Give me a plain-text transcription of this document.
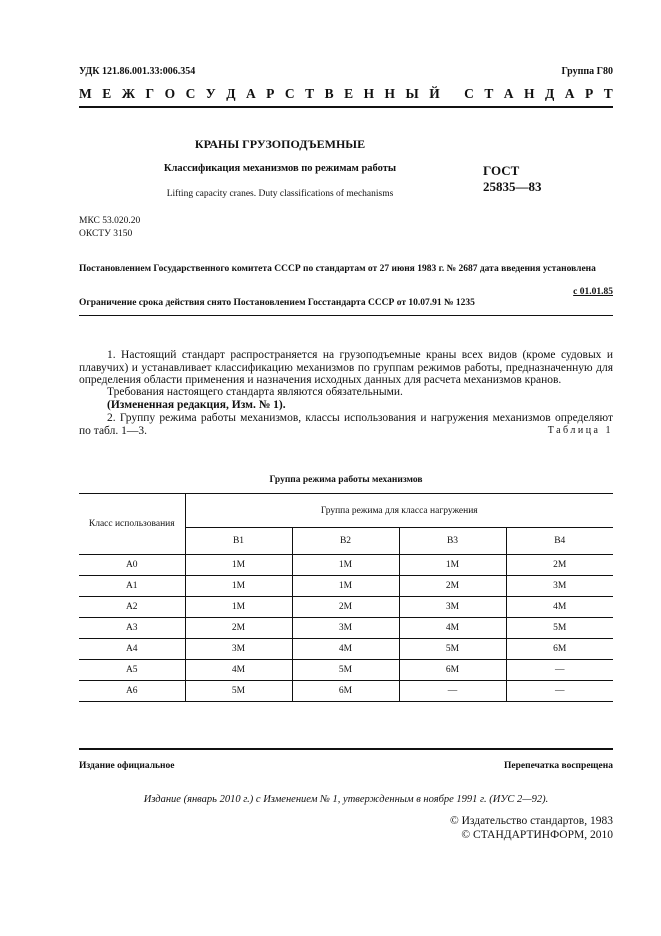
УДК 121.86.001.33:006.354	Группа Г80
М Е Ж Г О С У Д А Р С Т В Е Н Н Ы Й
С Т А Н Д А Р Т
КРАНЫ ГРУЗОПОДЪЕМНЫЕ
Классификация механизмов по режимам работы
Lifting capacity cranes. Duty classifications of mechanisms
ГОСТ
25835—83
МКС 53.020.20
ОКСТУ 3150
Постановлением Государственного комитета СССР по стандартам от 27 июня 1983 г. № 2687 дата введения установлена
с 01.01.85
Ограничение срока действия снято Постановлением Госстандарта СССР от 10.07.91 № 1235
1. Настоящий стандарт распространяется на грузоподъемные краны всех видов (кроме судовых и плавучих) и устанавливает классификацию механизмов по группам режимов работы, предназначенную для определения области применения и назначения исходных данных для расчета механизмов кранов.
Требования настоящего стандарта являются обязательными.
(Измененная редакция, Изм. № 1).
2. Группу режима работы механизмов, классы использования и нагружения механизмов определяют по табл. 1—3.	Таблица 1
Группа режима работы механизмов
Класс использования	Группа режима для класса нагружения			
	В1	В2	В3	В4
А0	1М	1М	1М	2М
А1	1М	1М	2М	3М
А2	1М	2М	3М	4М
А3	2М	3М	4М	5М
А4	3М	4М	5М	6М
А5	4М	5М	6М	—
А6	5М	6М	—	—
Издание официальное	Перепечатка воспрещена
Издание (январь 2010 г.) с Изменением № 1, утвержденным в ноябре 1991 г. (ИУС 2—92).
© Издательство стандартов, 1983
© СТАНДАРТИНФОРМ, 2010
